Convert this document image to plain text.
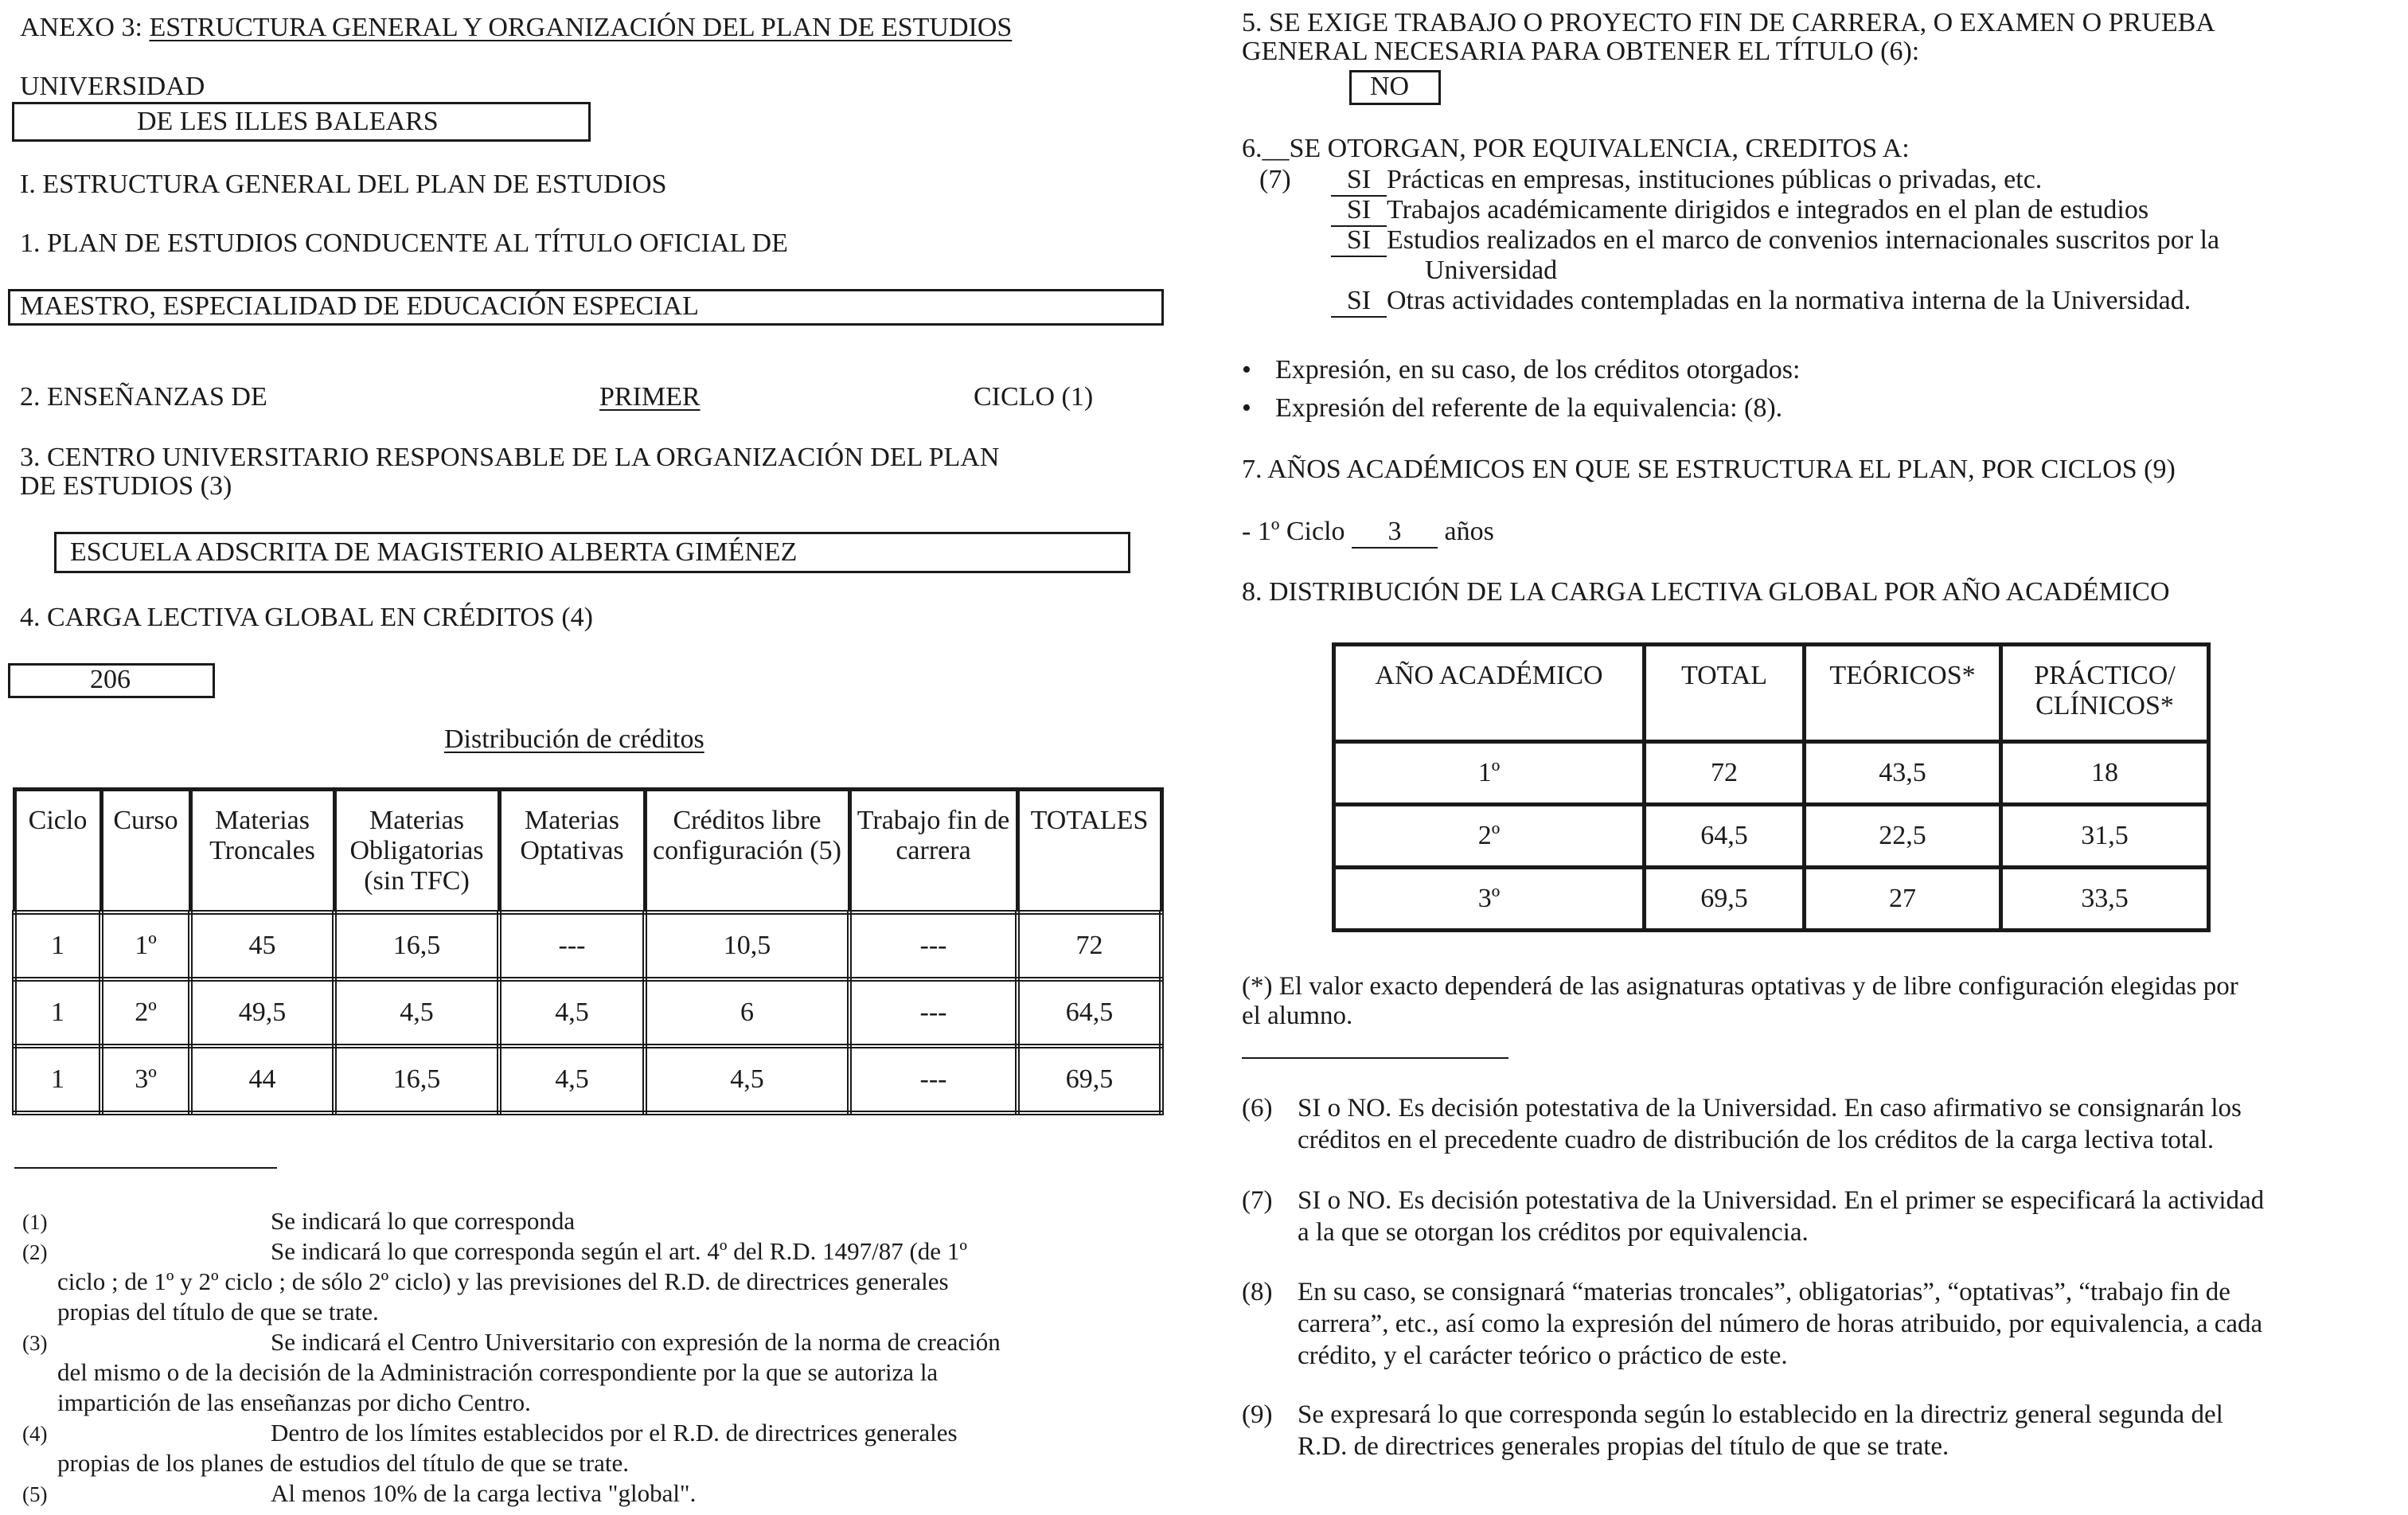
ANEXO 3: ESTRUCTURA GENERAL Y ORGANIZACIÓN DEL PLAN DE ESTUDIOS
UNIVERSIDAD
DE LES ILLES BALEARS
I. ESTRUCTURA GENERAL DEL PLAN DE ESTUDIOS
1. PLAN DE ESTUDIOS CONDUCENTE AL TÍTULO OFICIAL DE
MAESTRO, ESPECIALIDAD DE EDUCACIÓN ESPECIAL
2. ENSEÑANZAS DE	PRIMER	CICLO (1)
3. CENTRO UNIVERSITARIO RESPONSABLE DE LA ORGANIZACIÓN DEL PLAN
DE ESTUDIOS (3)
ESCUELA ADSCRITA DE MAGISTERIO ALBERTA GIMÉNEZ
4. CARGA LECTIVA GLOBAL EN CRÉDITOS (4)
206
Distribución de créditos
Ciclo	Curso	Materias Troncales	Materias Obligatorias (sin TFC)	Materias Optativas	Créditos libre configuración (5)	Trabajo fin de carrera	TOTALES
1	1º	45	16,5	---	10,5	---	72
1	2º	49,5	4,5	4,5	6	---	64,5
1	3º	44	16,5	4,5	4,5	---	69,5
(1)	Se indicará lo que corresponda
(2)	Se indicará lo que corresponda según el art. 4º del R.D. 1497/87 (de 1º
ciclo ; de 1º y 2º ciclo ; de sólo 2º ciclo) y las previsiones del R.D. de directrices generales
propias del título de que se trate.
(3)	Se indicará el Centro Universitario con expresión de la norma de creación
del mismo o de la decisión de la Administración correspondiente por la que se autoriza la
impartición de las enseñanzas por dicho Centro.
(4)	Dentro de los límites establecidos por el R.D. de directrices generales
propias de los planes de estudios del título de que se trate.
(5)	Al menos 10% de la carga lectiva "global".
5. SE EXIGE TRABAJO O PROYECTO FIN DE CARRERA, O EXAMEN O PRUEBA
GENERAL NECESARIA PARA OBTENER EL TÍTULO (6):
NO
6.__SE OTORGAN, POR EQUIVALENCIA, CREDITOS A:
(7)	SI Prácticas en empresas, instituciones públicas o privadas, etc.
SI Trabajos académicamente dirigidos e integrados en el plan de estudios
SI Estudios realizados en el marco de convenios internacionales suscritos por la
Universidad
SI Otras actividades contempladas en la normativa interna de la Universidad.
• Expresión, en su caso, de los créditos otorgados:
• Expresión del referente de la equivalencia: (8).
7. AÑOS ACADÉMICOS EN QUE SE ESTRUCTURA EL PLAN, POR CICLOS (9)
- 1º Ciclo 3 años
8. DISTRIBUCIÓN DE LA CARGA LECTIVA GLOBAL POR AÑO ACADÉMICO
AÑO ACADÉMICO	TOTAL	TEÓRICOS*	PRÁCTICO/ CLÍNICOS*
1º	72	43,5	18
2º	64,5	22,5	31,5
3º	69,5	27	33,5
(*) El valor exacto dependerá de las asignaturas optativas y de libre configuración elegidas por
el alumno.
(6) SI o NO. Es decisión potestativa de la Universidad. En caso afirmativo se consignarán los
créditos en el precedente cuadro de distribución de los créditos de la carga lectiva total.
(7) SI o NO. Es decisión potestativa de la Universidad. En el primer se especificará la actividad
a la que se otorgan los créditos por equivalencia.
(8) En su caso, se consignará “materias troncales”, obligatorias”, “optativas”, “trabajo fin de
carrera”, etc., así como la expresión del número de horas atribuido, por equivalencia, a cada
crédito, y el carácter teórico o práctico de este.
(9) Se expresará lo que corresponda según lo establecido en la directriz general segunda del
R.D. de directrices generales propias del título de que se trate.
